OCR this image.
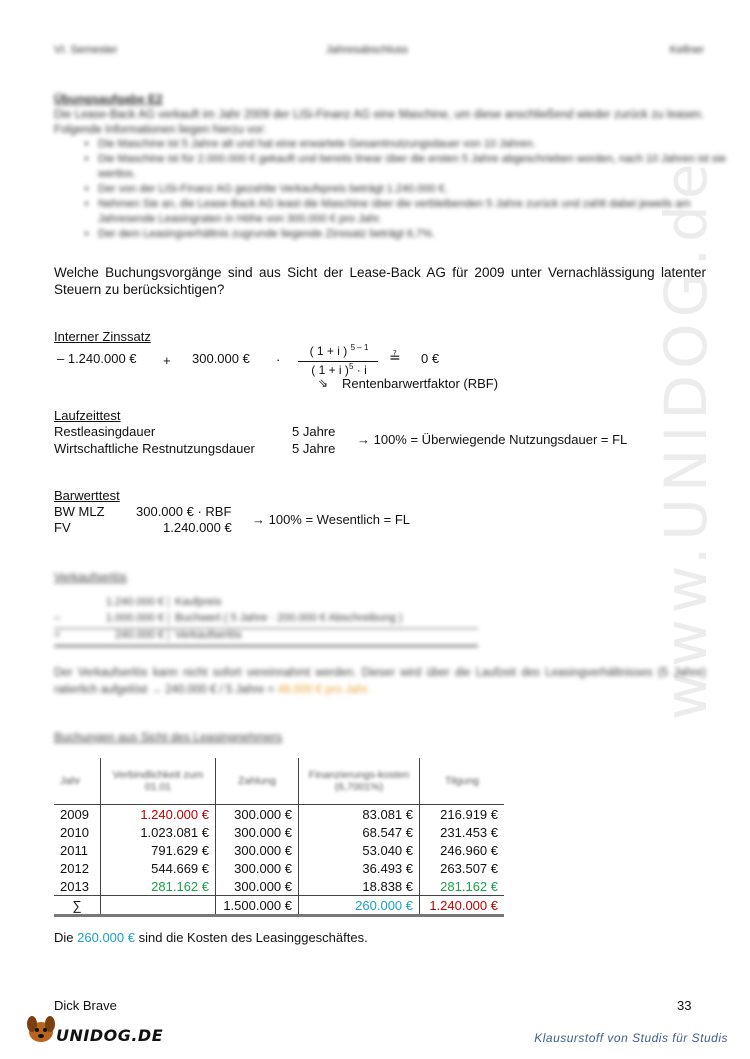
www.UNIDOG.de
VI. Semester	Jahresabschluss	Kellner
Übungsaufgabe E2
Die Lease-Back AG verkauft im Jahr 2009 der LiSi-Finanz AG eine Maschine, um diese anschließend wieder zurück zu leasen. Folgende Informationen liegen hierzu vor:
• Die Maschine ist 5 Jahre alt und hat eine erwartete Gesamtnutzungsdauer von 10 Jahren.
• Die Maschine ist für 2.000.000 € gekauft und bereits linear über die ersten 5 Jahre abgeschrieben worden, nach 10 Jahren ist sie wertlos.
• Der von der LiSi-Finanz AG gezahlte Verkaufspreis beträgt 1.240.000 €.
• Nehmen Sie an, die Lease-Back AG least die Maschine über die verbleibenden 5 Jahre zurück und zahlt dabei jeweils am Jahresende Leasingraten in Höhe von 300.000 € pro Jahr.
• Der dem Leasingverhältnis zugrunde liegende Zinssatz beträgt 6,7%.
Welche Buchungsvorgänge sind aus Sicht der Lease-Back AG für 2009 unter Vernachlässigung latenter Steuern zu berücksichtigen?
Interner Zinssatz
– 1.240.000 € + 300.000 € ·
( 1 + i ) $^{5 - 1}$
( 1 + i )$^5$ · i
≟ 0 €
⇘ Rentenbarwertfaktor (RBF)
Laufzeittest
Restleasingdauer	5 Jahre
Wirtschaftliche Restnutzungsdauer	5 Jahre
→ 100% = Überwiegende Nutzungsdauer = FL
Barwerttest
BW MLZ 300.000 € · RBF
FV	1.240.000 €
→ 100% = Wesentlich = FL
Verkaufserlös
1.240.000 €	Kaufpreis
–	1.000.000 €	Buchwert ( 5 Jahre · 200.000 € Abschreibung )
=	240.000 €	Verkaufserlös
Der Verkaufserlös kann nicht sofort vereinnahmt werden. Dieser wird über die Laufzeit des Leasingverhältnisses (5 Jahre) ratierlich aufgelöst → 240.000 € / 5 Jahre = 48.000 € pro Jahr.
Buchungen aus Sicht des Leasingnehmers
Jahr	Verbindlichkeit zum 01.01	Zahlung	Finanzierungs-kosten (6,7001%)	Tilgung
2009	1.240.000 €	300.000 €	83.081 €	216.919 €
2010	1.023.081 €	300.000 €	68.547 €	231.453 €
2011	791.629 €	300.000 €	53.040 €	246.960 €
2012	544.669 €	300.000 €	36.493 €	263.507 €
2013	281.162 €	300.000 €	18.838 €	281.162 €
∑		1.500.000 €	260.000 €	1.240.000 €
Die 260.000 € sind die Kosten des Leasinggeschäftes.
Dick Brave	33
UNIDOG.DE	Klausurstoff von Studis für Studis
